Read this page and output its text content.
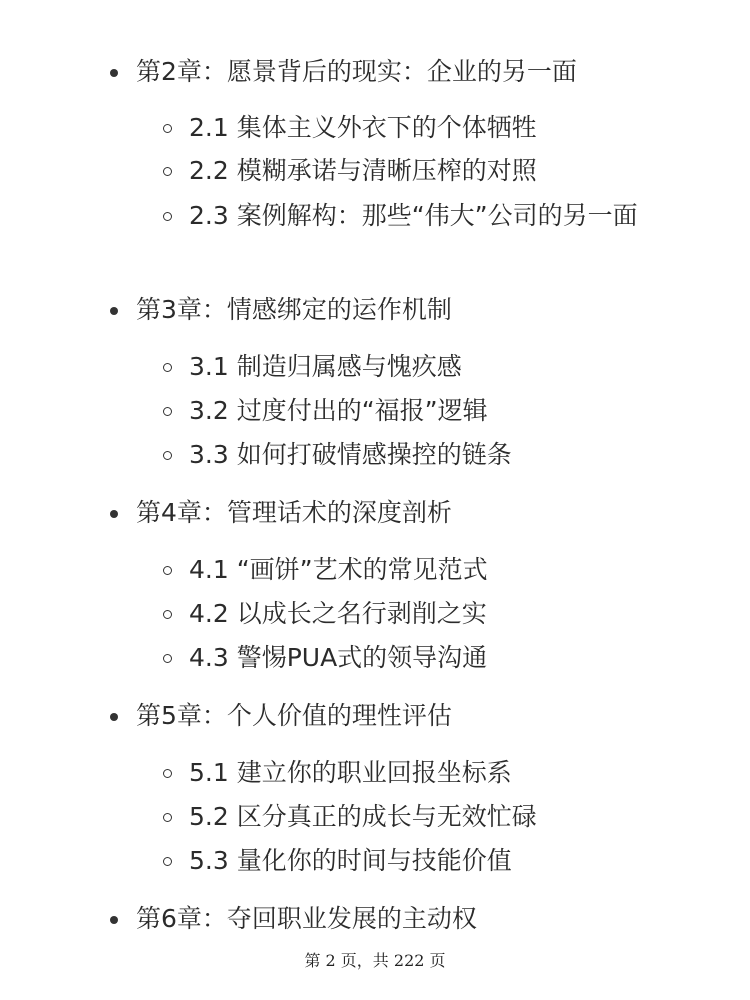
第2章：愿景背后的现实：企业的另一面
2.1 集体主义外衣下的个体牺牲
2.2 模糊承诺与清晰压榨的对照
2.3 案例解构：那些“伟大”公司的另一面
第3章：情感绑定的运作机制
3.1 制造归属感与愧疚感
3.2 过度付出的“福报”逻辑
3.3 如何打破情感操控的链条
第4章：管理话术的深度剖析
4.1 “画饼”艺术的常见范式
4.2 以成长之名行剥削之实
4.3 警惕PUA式的领导沟通
第5章：个人价值的理性评估
5.1 建立你的职业回报坐标系
5.2 区分真正的成长与无效忙碌
5.3 量化你的时间与技能价值
第6章：夺回职业发展的主动权
第 2 页，共 222 页
